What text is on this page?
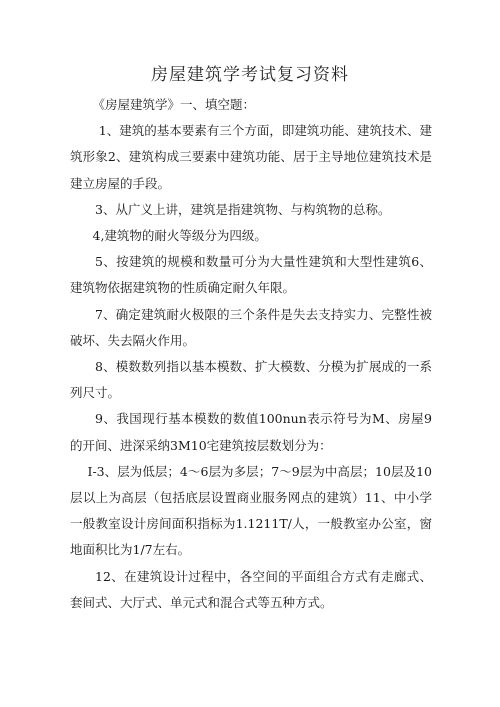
房屋建筑学考试复习资料

《房屋建筑学》一、填空题：

1、建筑的基本要素有三个方面，即建筑功能、建筑技术、建筑形象2、建筑构成三要素中建筑功能、居于主导地位建筑技术是建立房屋的手段。

3、从广义上讲，建筑是指建筑物、与构筑物的总称。

4,建筑物的耐火等级分为四级。

5、按建筑的规模和数量可分为大量性建筑和大型性建筑6、建筑物依据建筑物的性质确定耐久年限。

7、确定建筑耐火极限的三个条件是失去支持实力、完整性被破坏、失去隔火作用。

8、模数数列指以基本模数、扩大模数、分模为扩展成的一系列尺寸。

9、我国现行基本模数的数值100nun表示符号为M、房屋9的开间、进深采纳3M10宅建筑按层数划分为：

I-3、层为低层；4～6层为多层；7～9层为中高层；10层及10层以上为高层（包括底层设置商业服务网点的建筑）11、中小学一般教室设计房间面积指标为1.1211T/人，一般教室办公室，窗地面积比为1/7左右。

12、在建筑设计过程中，各空间的平面组合方式有走廊式、套间式、大厅式、单元式和混合式等五种方式。
